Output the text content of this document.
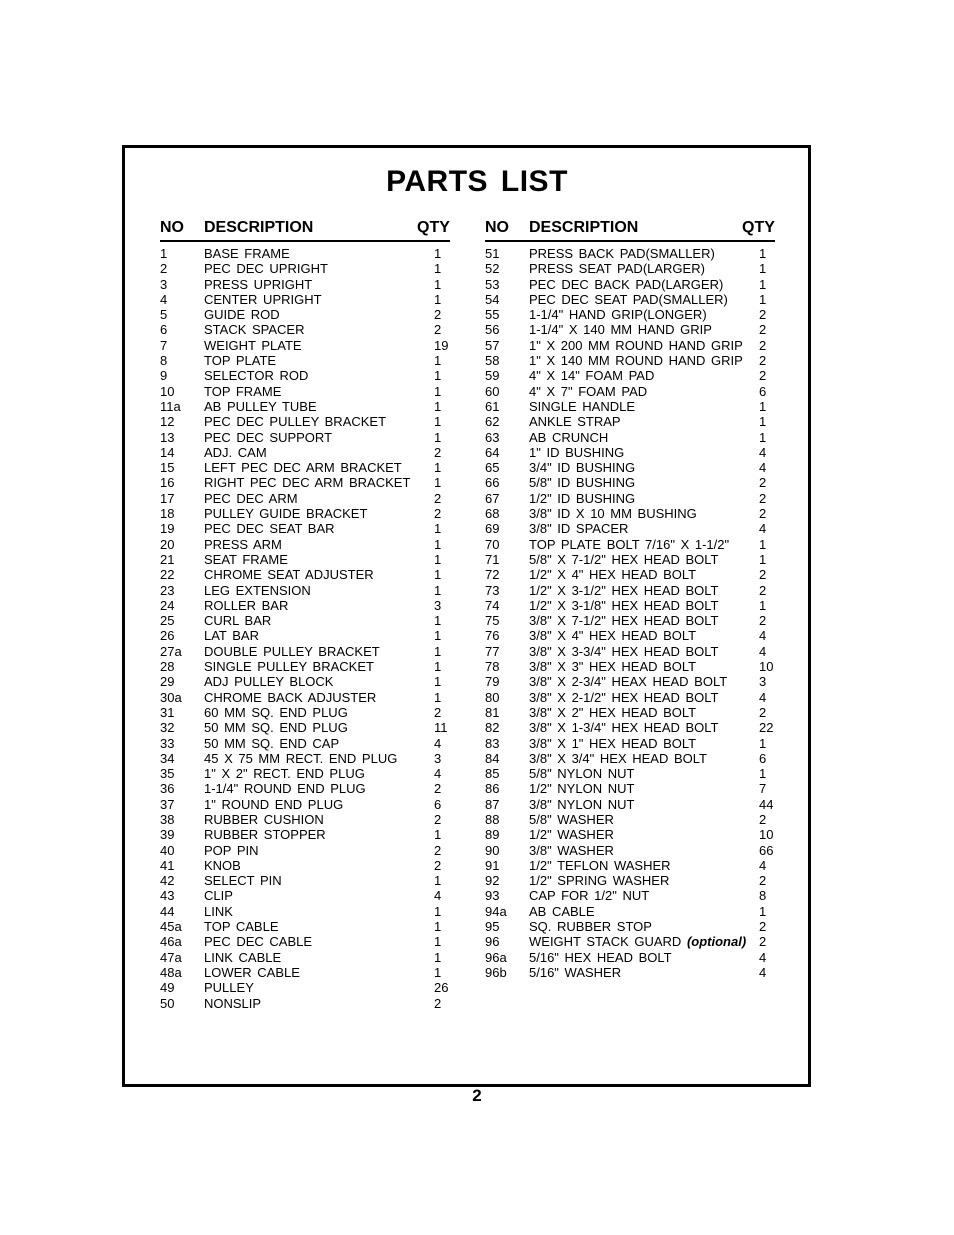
PARTS LIST
NO DESCRIPTION	QTY
1	BASE FRAME	1
2	PEC DEC UPRIGHT	1
3	PRESS UPRIGHT	1
4	CENTER UPRIGHT	1
5	GUIDE ROD	2
6	STACK SPACER	2
7	WEIGHT PLATE	19
8	TOP PLATE	1
9	SELECTOR ROD	1
10 TOP FRAME	1
11a AB PULLEY TUBE	1
12 PEC DEC PULLEY BRACKET	1
13 PEC DEC SUPPORT	1
14 ADJ. CAM	2
15 LEFT PEC DEC ARM BRACKET 1
16 RIGHT PEC DEC ARM BRACKET 1
17 PEC DEC ARM	2
18 PULLEY GUIDE BRACKET	2
19 PEC DEC SEAT BAR	1
20 PRESS ARM	1
21 SEAT FRAME	1
22 CHROME SEAT ADJUSTER	1
23 LEG EXTENSION	1
24 ROLLER BAR	3
25 CURL BAR	1
26 LAT BAR	1
27a DOUBLE PULLEY BRACKET	1
28 SINGLE PULLEY BRACKET	1
29 ADJ PULLEY BLOCK	1
30a CHROME BACK ADJUSTER	1
31 60 MM SQ. END PLUG	2
32 50 MM SQ. END PLUG	11
33 50 MM SQ. END CAP	4
34 45 X 75 MM RECT. END PLUG	3
35 1" X 2" RECT. END PLUG	4
36 1-1/4" ROUND END PLUG	2
37 1" ROUND END PLUG	6
38 RUBBER CUSHION	2
39 RUBBER STOPPER	1
40 POP PIN	2
41 KNOB	2
42 SELECT PIN	1
43 CLIP	4
44 LINK	1
45a TOP CABLE	1
46a PEC DEC CABLE	1
47a LINK CABLE	1
48a LOWER CABLE	1
49 PULLEY	26
50 NONSLIP	2
NO DESCRIPTION	QTY
51 PRESS BACK PAD(SMALLER)	1
52 PRESS SEAT PAD(LARGER)	1
53 PEC DEC BACK PAD(LARGER)	1
54 PEC DEC SEAT PAD(SMALLER) 1
55 1-1/4" HAND GRIP(LONGER)	2
56 1-1/4" X 140 MM HAND GRIP	2
57 1" X 200 MM ROUND HAND GRIP 2
58 1" X 140 MM ROUND HAND GRIP 2
59 4" X 14" FOAM PAD	2
60 4" X 7" FOAM PAD	6
61 SINGLE HANDLE	1
62 ANKLE STRAP	1
63 AB CRUNCH	1
64 1" ID BUSHING	4
65 3/4" ID BUSHING	4
66 5/8" ID BUSHING	2
67 1/2" ID BUSHING	2
68 3/8" ID X 10 MM BUSHING	2
69 3/8" ID SPACER	4
70 TOP PLATE BOLT 7/16" X 1-1/2" 1
71 5/8" X 7-1/2" HEX HEAD BOLT	1
72 1/2" X 4" HEX HEAD BOLT	2
73 1/2" X 3-1/2" HEX HEAD BOLT	2
74 1/2" X 3-1/8" HEX HEAD BOLT	1
75 3/8" X 7-1/2" HEX HEAD BOLT	2
76 3/8" X 4" HEX HEAD BOLT	4
77 3/8" X 3-3/4" HEX HEAD BOLT	4
78 3/8" X 3" HEX HEAD BOLT	10
79 3/8" X 2-3/4" HEAX HEAD BOLT 3
80 3/8" X 2-1/2" HEX HEAD BOLT	4
81 3/8" X 2" HEX HEAD BOLT	2
82 3/8" X 1-3/4" HEX HEAD BOLT	22
83 3/8" X 1" HEX HEAD BOLT	1
84 3/8" X 3/4" HEX HEAD BOLT	6
85 5/8" NYLON NUT	1
86 1/2" NYLON NUT	7
87 3/8" NYLON NUT	44
88 5/8" WASHER	2
89 1/2" WASHER	10
90 3/8" WASHER	66
91 1/2" TEFLON WASHER	4
92 1/2" SPRING WASHER	2
93 CAP FOR 1/2" NUT	8
94a AB CABLE	1
95 SQ. RUBBER STOP	2
96 WEIGHT STACK GUARD (optional) 2
96a 5/16" HEX HEAD BOLT	4
96b 5/16" WASHER	4
2
